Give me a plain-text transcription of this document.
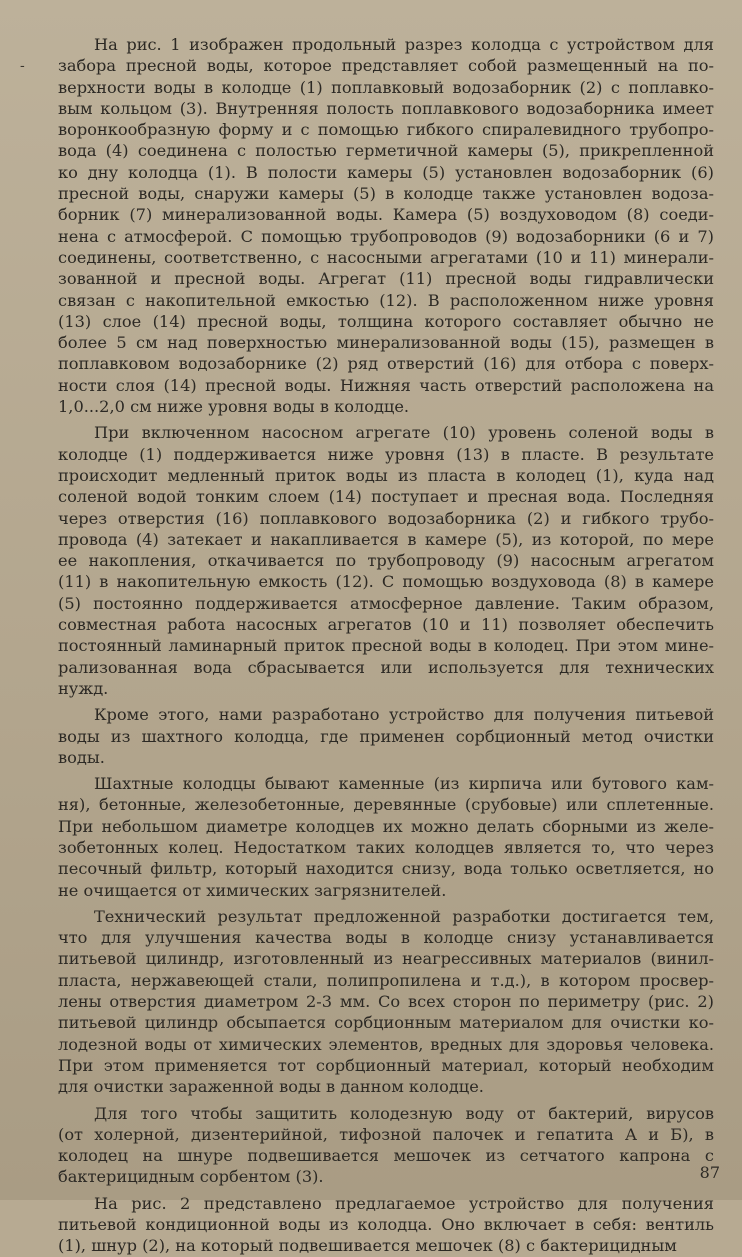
-
На рис. 1 изображен продольный разрез колодца с устройством для
забора пресной воды, которое представляет собой размещенный на по-
верхности воды в колодце (1) поплавковый водозаборник (2) с поплавко-
вым кольцом (3). Внутренняя полость поплавкового водозаборника имеет
воронкообразную форму и с помощью гибкого спиралевидного трубопро-
вода (4) соединена с полостью герметичной камеры (5), прикрепленной
ко дну колодца (1). В полости камеры (5) установлен водозаборник (6)
пресной воды, снаружи камеры (5) в колодце также установлен водоза-
борник (7) минерализованной воды. Камера (5) воздуховодом (8) соеди-
нена с атмосферой. С помощью трубопроводов (9) водозаборники (6 и 7)
соединены, соответственно, с насосными агрегатами (10 и 11) минерали-
зованной и пресной воды. Агрегат (11) пресной воды гидравлически
связан с накопительной емкостью (12). В расположенном ниже уровня
(13) слое (14) пресной воды, толщина которого составляет обычно не
более 5 см над поверхностью минерализованной воды (15), размещен в
поплавковом водозаборнике (2) ряд отверстий (16) для отбора с поверх-
ности слоя (14) пресной воды. Нижняя часть отверстий расположена на
1,0...2,0 см ниже уровня воды в колодце.
При включенном насосном агрегате (10) уровень соленой воды в
колодце (1) поддерживается ниже уровня (13) в пласте. В результате
происходит медленный приток воды из пласта в колодец (1), куда над
соленой водой тонким слоем (14) поступает и пресная вода. Последняя
через отверстия (16) поплавкового водозаборника (2) и гибкого трубо-
провода (4) затекает и накапливается в камере (5), из которой, по мере
ее накопления, откачивается по трубопроводу (9) насосным агрегатом
(11) в накопительную емкость (12). С помощью воздуховода (8) в камере
(5) постоянно поддерживается атмосферное давление. Таким образом,
совместная работа насосных агрегатов (10 и 11) позволяет обеспечить
постоянный ламинарный приток пресной воды в колодец. При этом мине-
рализованная вода сбрасывается или используется для технических
нужд.
Кроме этого, нами разработано устройство для получения питьевой
воды из шахтного колодца, где применен сорбционный метод очистки
воды.
Шахтные колодцы бывают каменные (из кирпича или бутового кам-
ня), бетонные, железобетонные, деревянные (срубовые) или сплетенные.
При небольшом диаметре колодцев их можно делать сборными из желе-
зобетонных колец. Недостатком таких колодцев является то, что через
песочный фильтр, который находится снизу, вода только осветляется, но
не очищается от химических загрязнителей.
Технический результат предложенной разработки достигается тем,
что для улучшения качества воды в колодце снизу устанавливается
питьевой цилиндр, изготовленный из неагрессивных материалов (винил-
пласта, нержавеющей стали, полипропилена и т.д.), в котором просвер-
лены отверстия диаметром 2-3 мм. Со всех сторон по периметру (рис. 2)
питьевой цилиндр обсыпается сорбционным материалом для очистки ко-
лодезной воды от химических элементов, вредных для здоровья человека.
При этом применяется тот сорбционный материал, который необходим
для очистки зараженной воды в данном колодце.
Для того чтобы защитить колодезную воду от бактерий, вирусов
(от холерной, дизентерийной, тифозной палочек и гепатита А и Б), в
колодец на шнуре подвешивается мешочек из сетчатого капрона с
бактерицидным сорбентом (3).
На рис. 2 представлено предлагаемое устройство для получения
питьевой кондиционной воды из колодца. Оно включает в себя: вентиль
(1), шнур (2), на который подвешивается мешочек (8) с бактерицидным
87
